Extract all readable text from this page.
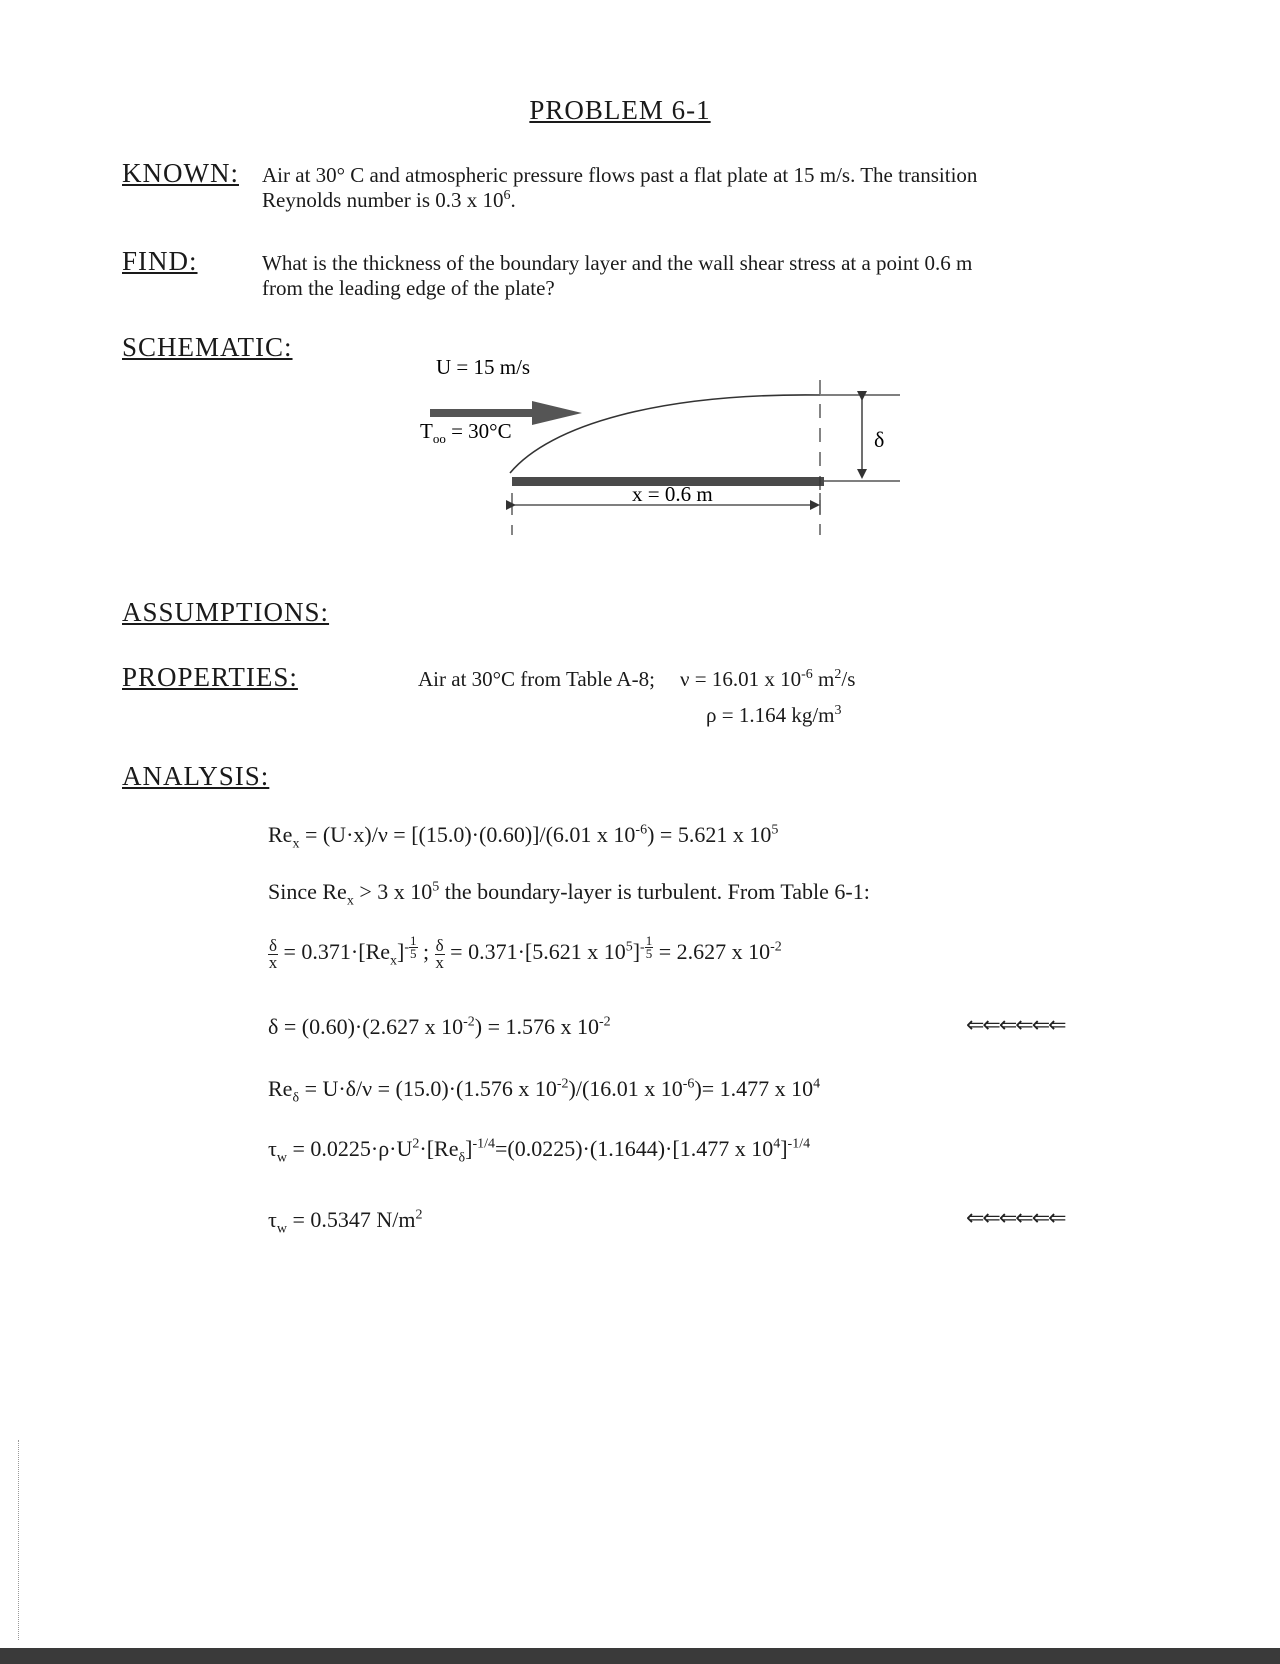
PROBLEM 6-1
KNOWN: Air at 30° C and atmospheric pressure flows past a flat plate at 15 m/s. The transition
Reynolds number is 0.3 x $10^6$.
FIND:	What is the thickness of the boundary layer and the wall shear stress at a point 0.6 m
from the leading edge of the plate?
SCHEMATIC:
U = 15 m/s
$T_{oo} = 30^\circ C$	δ
x = 0.6 m
ASSUMPTIONS:
PROPERTIES:	Air at 30°C from Table A-8; ν = 16.01 x $10^{-6}$ $m^2/s$
ρ = 1.164 $kg/m^3$
ANALYSIS:
$Re_x = (U\cdot x)/\nu = [(15.0)\cdot(0.60)]/(6.01$ x $10^{-6}) = 5.621$ x $10^5$
Since $Re_x > 3$ x $10^5$ the boundary-layer is turbulent. From Table 6-1:
$\frac{\delta}{x} = 0.371\cdot[Re_x]^{- \frac{1}{5}}$ ; $\frac{\delta}{x} = 0.371\cdot[5.621$ x $10^5]^{- \frac{1}{5}} = 2.627$ x $10^{-2}$
δ = (0.60)·(2.627 x $10^{-2}) = 1.576$ x $10^{-2}$	⇐⇐⇐⇐⇐⇐
$Re_\delta = U\cdot\delta/\nu = (15.0)\cdot(1.576$ x $10^{-2})/(16.01$ x $10^{-6})= 1.477$ x $10^4$
$\tau_w = 0.0225\cdot\rho\cdot U^2\cdot[Re_\delta]^{-1/4}=(0.0225)\cdot(1.1644)\cdot[1.477$ x $10^4]^{-1/4}$
$\tau_w = 0.5347$ $N/m^2$	⇐⇐⇐⇐⇐⇐
